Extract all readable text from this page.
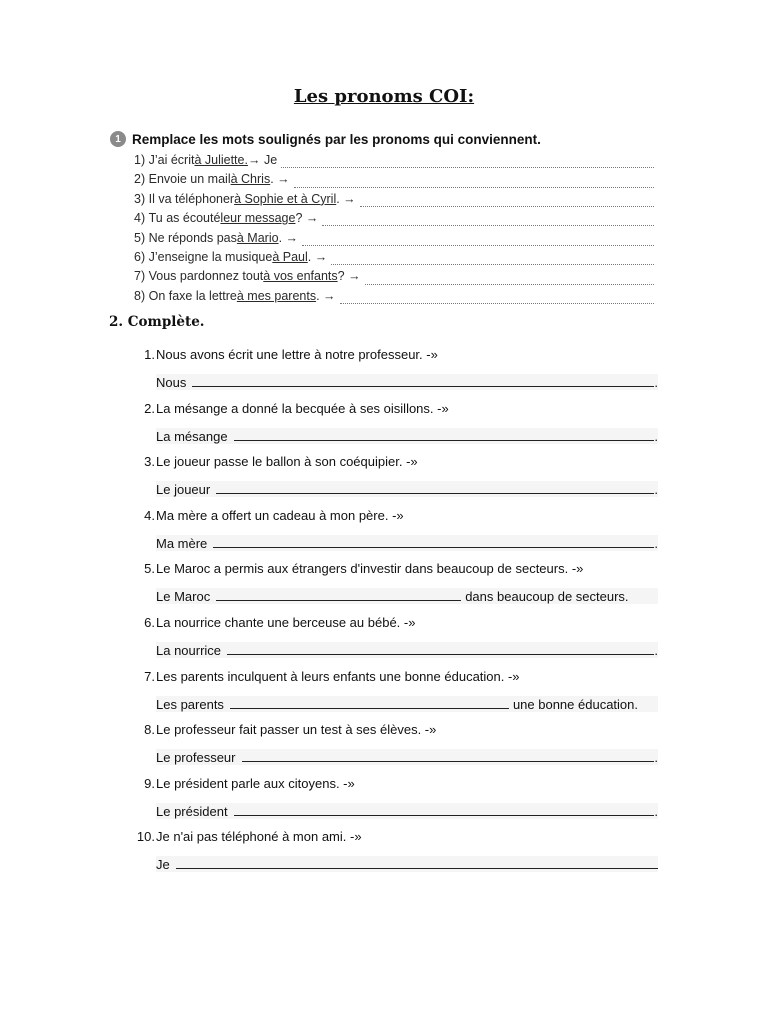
Les pronoms COI:
1 Remplace les mots soulignés par les pronoms qui conviennent.
1)
J’ai écrit à Juliette. → Je
2)
Envoie un mail à Chris . →
3)
Il va téléphoner à Sophie et à Cyril . →
4)
Tu as écouté leur message ? →
5)
Ne réponds pas à Mario . →
6)
J’enseigne la musique à Paul . →
7)
Vous pardonnez tout à vos enfants ? →
8)
On faxe la lettre à mes parents . →
2. Complète.
1. Nous avons écrit une lettre à notre professeur. -»
Nous	.
2. La mésange a donné la becquée à ses oisillons. -»
La mésange	.
3. Le joueur passe le ballon à son coéquipier. -»
Le joueur	.
4. Ma mère a offert un cadeau à mon père. -»
Ma mère	.
5. Le Maroc a permis aux étrangers d'investir dans beaucoup de secteurs. -»
Le Maroc	dans beaucoup de secteurs.
6. La nourrice chante une berceuse au bébé. -»
La nourrice	.
7. Les parents inculquent à leurs enfants une bonne éducation. -»
Les parents	une bonne éducation.
8. Le professeur fait passer un test à ses élèves. -»
Le professeur	.
9. Le président parle aux citoyens. -»
Le président	.
10. Je n'ai pas téléphoné à mon ami. -»
Je
